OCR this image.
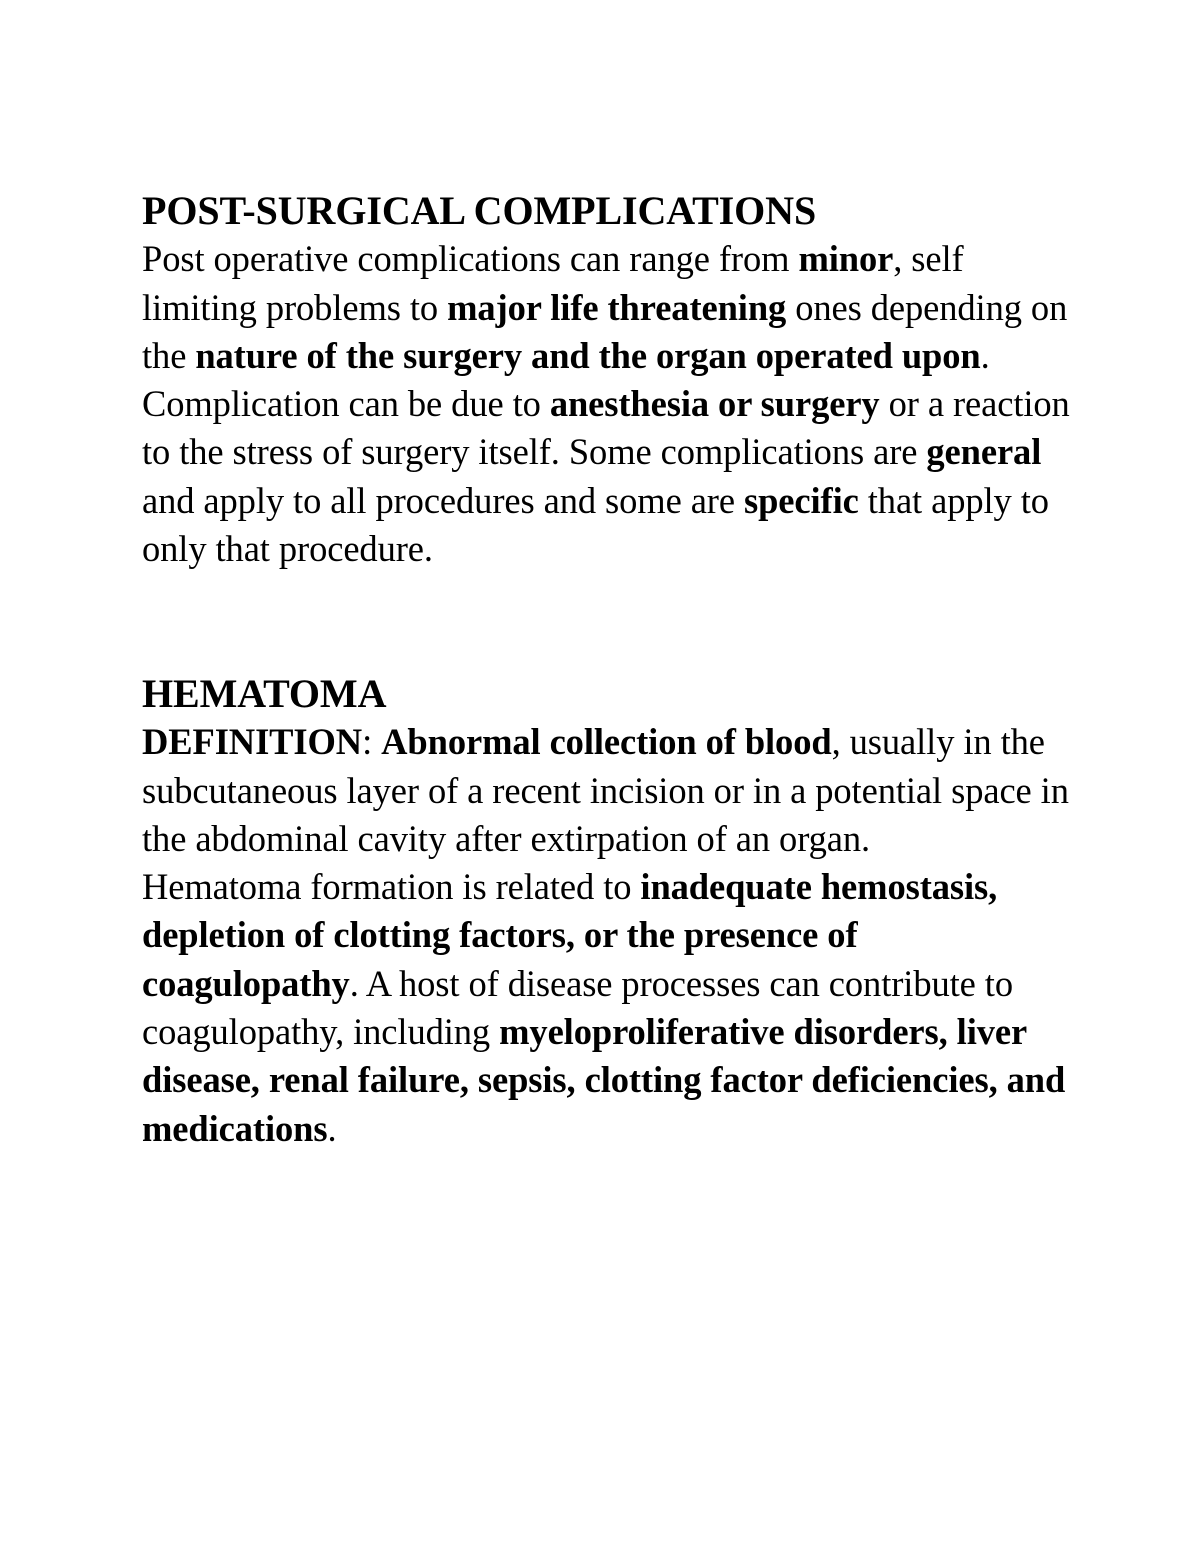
POST-SURGICAL COMPLICATIONS

Post operative complications can range from minor, self limiting problems to major life threatening ones depending on the nature of the surgery and the organ operated upon. Complication can be due to anesthesia or surgery or a reaction to the stress of surgery itself. Some complications are general and apply to all procedures and some are specific that apply to only that procedure.

HEMATOMA

DEFINITION: Abnormal collection of blood, usually in the subcutaneous layer of a recent incision or in a potential space in the abdominal cavity after extirpation of an organ.

Hematoma formation is related to inadequate hemostasis, depletion of clotting factors, or the presence of coagulopathy. A host of disease processes can contribute to coagulopathy, including myeloproliferative disorders, liver disease, renal failure, sepsis, clotting factor deficiencies, and medications.
